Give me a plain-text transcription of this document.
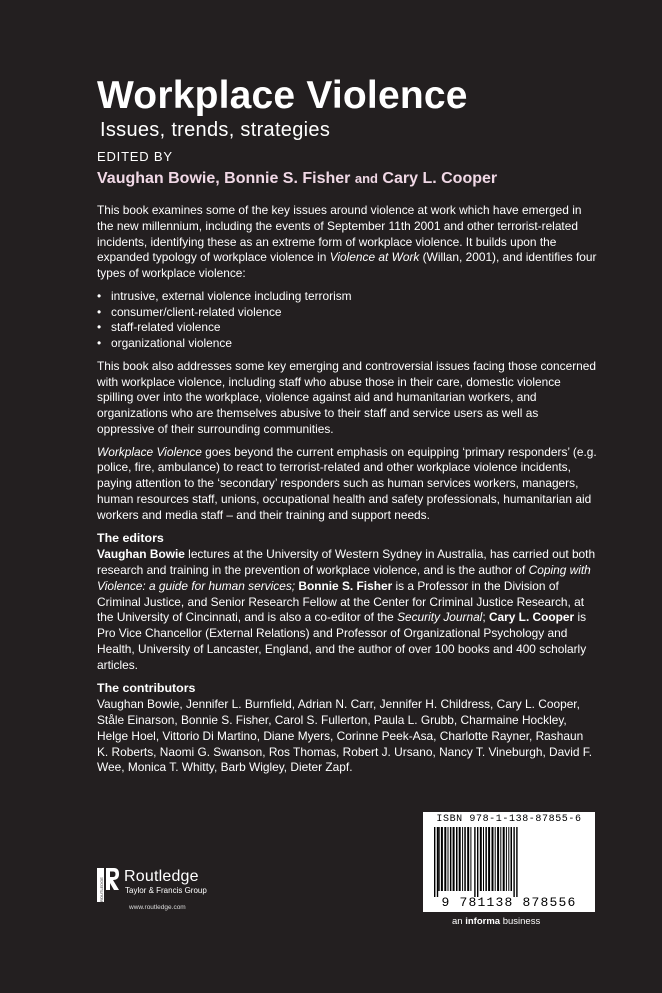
Workplace Violence
Issues, trends, strategies
EDITED BY
Vaughan Bowie, Bonnie S. Fisher and Cary L. Cooper

This book examines some of the key issues around violence at work which have emerged in the new millennium, including the events of September 11th 2001 and other terrorist-related incidents, identifying these as an extreme form of workplace violence. It builds upon the expanded typology of workplace violence in Violence at Work (Willan, 2001), and identifies four types of workplace violence:

• intrusive, external violence including terrorism
• consumer/client-related violence
• staff-related violence
• organizational violence

This book also addresses some key emerging and controversial issues facing those concerned with workplace violence, including staff who abuse those in their care, domestic violence spilling over into the workplace, violence against aid and humanitarian workers, and organizations who are themselves abusive to their staff and service users as well as oppressive of their surrounding communities.

Workplace Violence goes beyond the current emphasis on equipping ‘primary responders’ (e.g. police, fire, ambulance) to react to terrorist-related and other workplace violence incidents, paying attention to the ‘secondary’ responders such as human services workers, managers, human resources staff, unions, occupational health and safety professionals, humanitarian aid workers and media staff – and their training and support needs.

The editors

Vaughan Bowie lectures at the University of Western Sydney in Australia, has carried out both research and training in the prevention of workplace violence, and is the author of Coping with Violence: a guide for human services; Bonnie S. Fisher is a Professor in the Division of Criminal Justice, and Senior Research Fellow at the Center for Criminal Justice Research, at the University of Cincinnati, and is also a co-editor of the Security Journal; Cary L. Cooper is Pro Vice Chancellor (External Relations) and Professor of Organizational Psychology and Health, University of Lancaster, England, and the author of over 100 books and 400 scholarly articles.

The contributors

Vaughan Bowie, Jennifer L. Burnfield, Adrian N. Carr, Jennifer H. Childress, Cary L. Cooper, Ståle Einarson, Bonnie S. Fisher, Carol S. Fullerton, Paula L. Grubb, Charmaine Hockley, Helge Hoel, Vittorio Di Martino, Diane Myers, Corinne Peek-Asa, Charlotte Rayner, Rashaun K. Roberts, Naomi G. Swanson, Ros Thomas, Robert J. Ursano, Nancy T. Vineburgh, David F. Wee, Monica T. Whitty, Barb Wigley, Dieter Zapf.

ROUTLEDGE
Routledge
Taylor & Francis Group
www.routledge.com
ISBN 978-1-138-87855-6
9 781138 878556
an informa business
